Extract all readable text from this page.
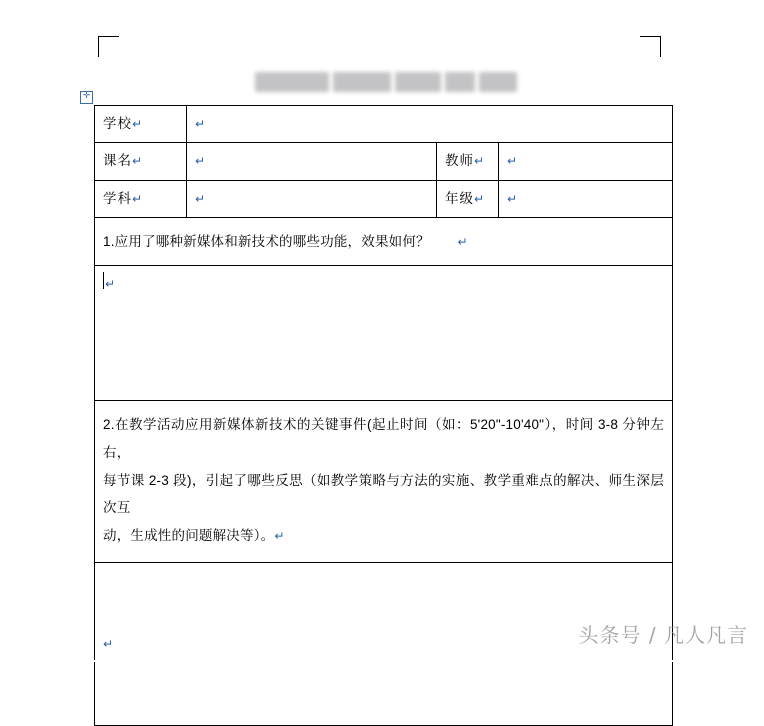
✛
学校↵	↵		
课名↵	↵	教师↵	↵
学科↵	↵	年级↵	↵
1.应用了哪种新媒体和新技术的哪些功能，效果如何？ ↵			

↵			

2.在教学活动应用新媒体新技术的关键事件(起止时间（如：5'20"-10'40"），时间 3-8 分钟左右，
每节课 2-3 段)，引起了哪些反思（如教学策略与方法的实施、教学重难点的解决、师生深层次互
动，生成性的问题解决等）。↵			

↵				头条号 / 凡人凡言
